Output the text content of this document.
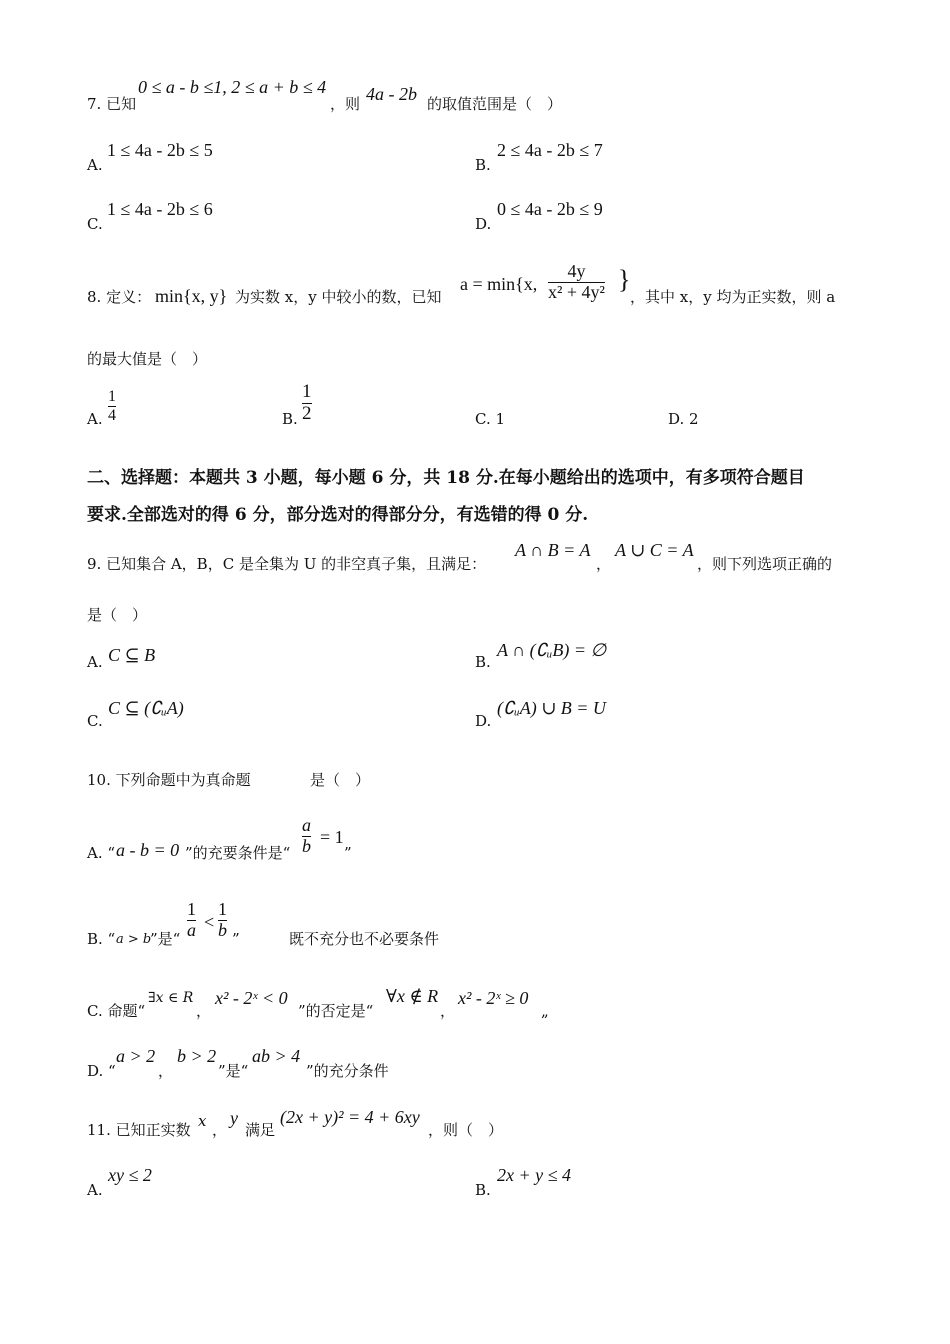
7. 已知
0 ≤ a - b ≤1, 2 ≤ a + b ≤ 4
，则 4a - 2b 的取值范围是（　）
A.
1 ≤ 4a - 2b ≤ 5
B.
2 ≤ 4a - 2b ≤ 7
C.
1 ≤ 4a - 2b ≤ 6
D.
0 ≤ 4a - 2b ≤ 9
8. 定义： min{x, y} 为实数 x，y 中较小的数，已知
a = min{x,
4y
x² + 4y² }
，其中 x，y 均为正实数，则 a
的最大值是（　）
A.
1
4	B.
1
2	C. 1	D. 2
二、选择题：本题共 3 小题，每小题 6 分，共 18 分.在每小题给出的选项中，有多项符合题目
要求.全部选对的得 6 分，部分选对的得部分分，有选错的得 0 分.
9. 已知集合 A，B，C 是全集为 U 的非空真子集，且满足：
A ∩ B = A
，
A ∪ C = A
，则下列选项正确的
是（　）
A. C ⊆ B	B.
A ∩ (∁ᵤB) = ∅
C.
C ⊆ (∁ᵤA)
D.
(∁ᵤA) ∪ B = U
10. 下列命题中为真命题	是（　）
A. “ a - b = 0 ”的充要条件是“
a
b = 1
”
B. “ a > b
”是“
1
a <
1
b ”	既不充分也不必要条件
C. 命题“
∃x ∈ R
，
x² - 2ˣ < 0
”的否定是“
∀x ∉ R
，
x² - 2ˣ ≥ 0
„
D. “
a > 2
，
b > 2
”是“
ab > 4
”的充分条件
11. 已知正实数 x ，
y
满足
(2x + y)² = 4 + 6xy
，则（　）
A.
xy ≤ 2
B.
2x + y ≤ 4
